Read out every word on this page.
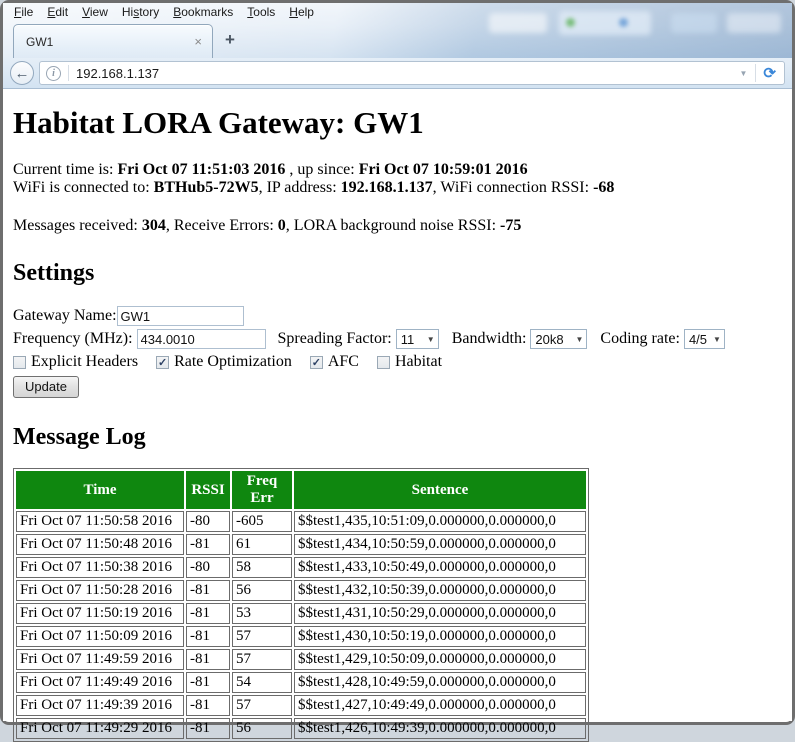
File	Edit	View	History	Bookmarks	Tools	Help
GW1	× +
←	i	192.168.1.137	▼	⟳
Habitat LORA Gateway: GW1

Current time is: Fri Oct 07 11:51:03 2016 , up since: Fri Oct 07 10:59:01 2016
WiFi is connected to: BTHub5-72W5, IP address: 192.168.1.137, WiFi connection RSSI: -68

Messages received: 304, Receive Errors: 0, LORA background noise RSSI: -75

Settings
Gateway Name:
GW1
Frequency (MHz):
434.0010	Spreading Factor: 11 ▼ Bandwidth: 20k8 ▼ Coding rate: 4/5 ▼
Explicit Headers ✓ Rate Optimization ✓ AFC Habitat
Update
Message Log
Time	RSSI	Freq Err	Sentence
Fri Oct 07 11:50:58 2016	-80	-605	$$test1,435,10:51:09,0.000000,0.000000,0
Fri Oct 07 11:50:48 2016	-81	61	$$test1,434,10:50:59,0.000000,0.000000,0
Fri Oct 07 11:50:38 2016	-80	58	$$test1,433,10:50:49,0.000000,0.000000,0
Fri Oct 07 11:50:28 2016	-81	56	$$test1,432,10:50:39,0.000000,0.000000,0
Fri Oct 07 11:50:19 2016	-81	53	$$test1,431,10:50:29,0.000000,0.000000,0
Fri Oct 07 11:50:09 2016	-81	57	$$test1,430,10:50:19,0.000000,0.000000,0
Fri Oct 07 11:49:59 2016	-81	57	$$test1,429,10:50:09,0.000000,0.000000,0
Fri Oct 07 11:49:49 2016	-81	54	$$test1,428,10:49:59,0.000000,0.000000,0
Fri Oct 07 11:49:39 2016	-81	57	$$test1,427,10:49:49,0.000000,0.000000,0
Fri Oct 07 11:49:29 2016	-81	56	$$test1,426,10:49:39,0.000000,0.000000,0
